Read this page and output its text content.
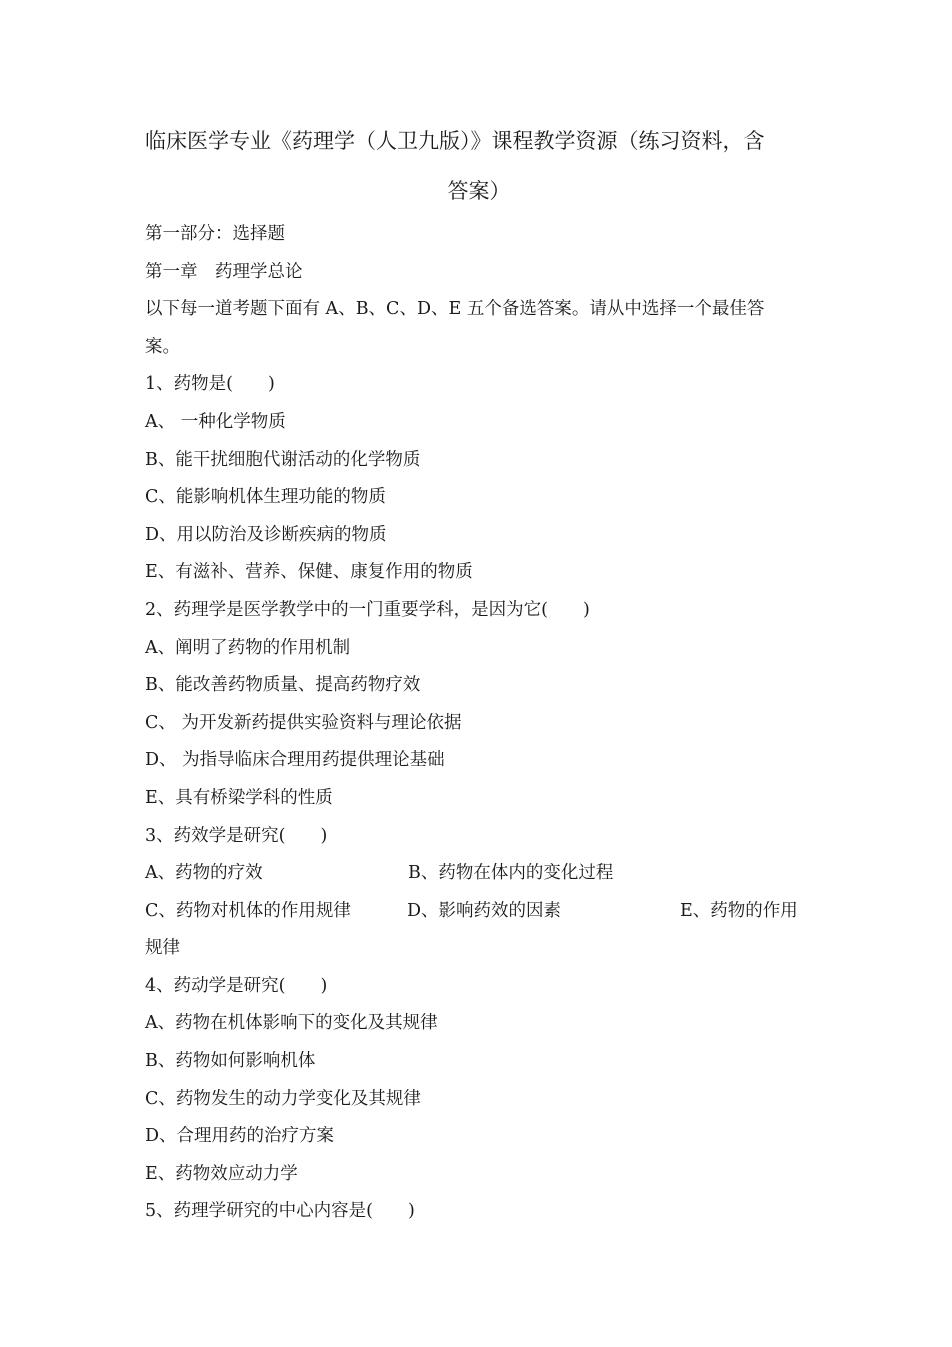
临床医学专业《药理学（人卫九版）》课程教学资源（练习资料，含
答案）
第一部分：选择题
第一章　药理学总论
以下每一道考题下面有 A、B、C、D、E 五个备选答案。请从中选择一个最佳答
案。
1、药物是(　　)
A、 一种化学物质
B、能干扰细胞代谢活动的化学物质
C、能影响机体生理功能的物质
D、用以防治及诊断疾病的物质
E、有滋补、营养、保健、康复作用的物质
2、药理学是医学教学中的一门重要学科，是因为它(　　)
A、阐明了药物的作用机制
B、能改善药物质量、提高药物疗效
C、 为开发新药提供实验资料与理论依据
D、 为指导临床合理用药提供理论基础
E、具有桥梁学科的性质
3、药效学是研究(　　)
A、药物的疗效	B、药物在体内的变化过程
C、药物对机体的作用规律	D、影响药效的因素	E、药物的作用
规律
4、药动学是研究(　　)
A、药物在机体影响下的变化及其规律
B、药物如何影响机体
C、药物发生的动力学变化及其规律
D、合理用药的治疗方案
E、药物效应动力学
5、药理学研究的中心内容是(　　)
